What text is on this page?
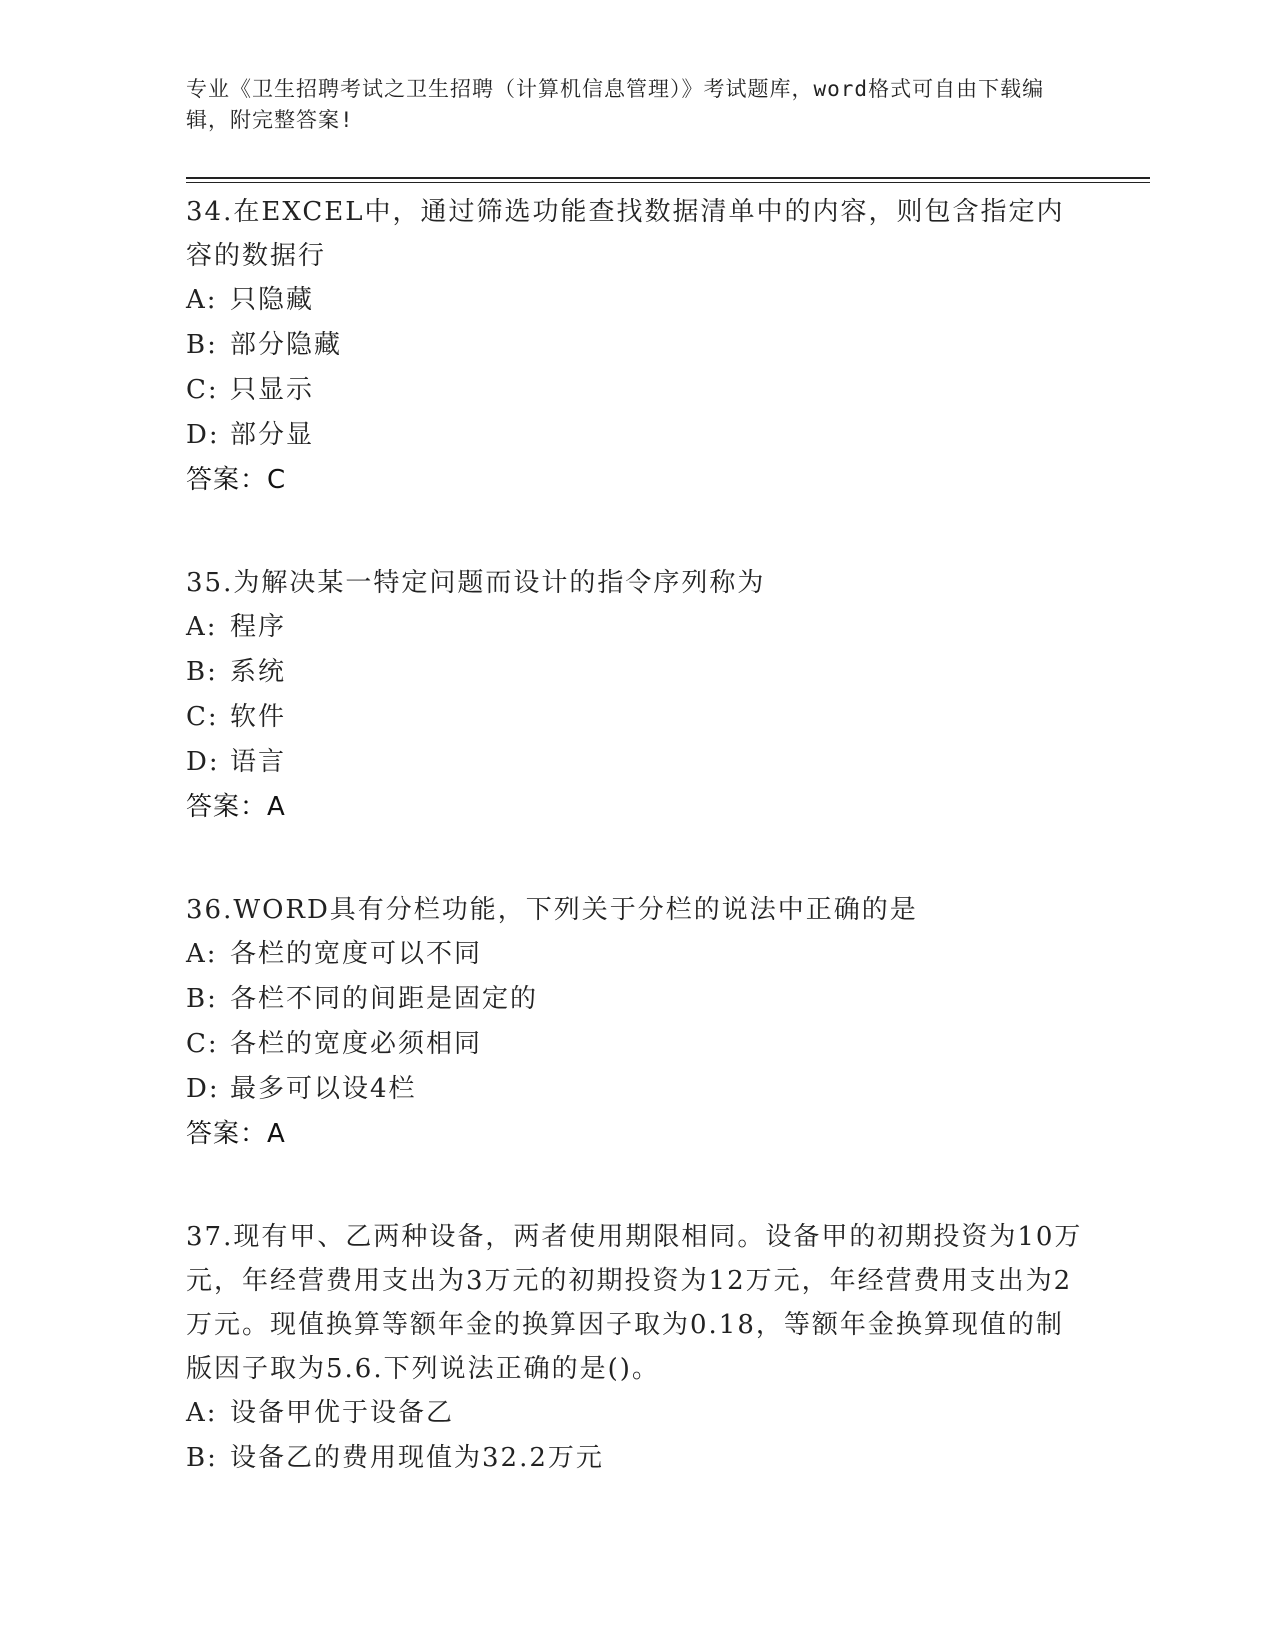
专业《卫生招聘考试之卫生招聘（计算机信息管理）》考试题库，word格式可自由下载编辑，附完整答案!
34.在EXCEL中，通过筛选功能查找数据清单中的内容，则包含指定内容的数据行
A: 只隐藏
B: 部分隐藏
C: 只显示
D: 部分显
答案：C
35.为解决某一特定问题而设计的指令序列称为
A: 程序
B: 系统
C: 软件
D: 语言
答案：A
36.WORD具有分栏功能，下列关于分栏的说法中正确的是
A: 各栏的宽度可以不同
B: 各栏不同的间距是固定的
C: 各栏的宽度必须相同
D: 最多可以设4栏
答案：A
37.现有甲、乙两种设备，两者使用期限相同。设备甲的初期投资为10万元，年经营费用支出为3万元的初期投资为12万元，年经营费用支出为2万元。现值换算等额年金的换算因子取为0.18，等额年金换算现值的制版因子取为5.6.下列说法正确的是()。
A: 设备甲优于设备乙
B: 设备乙的费用现值为32.2万元
